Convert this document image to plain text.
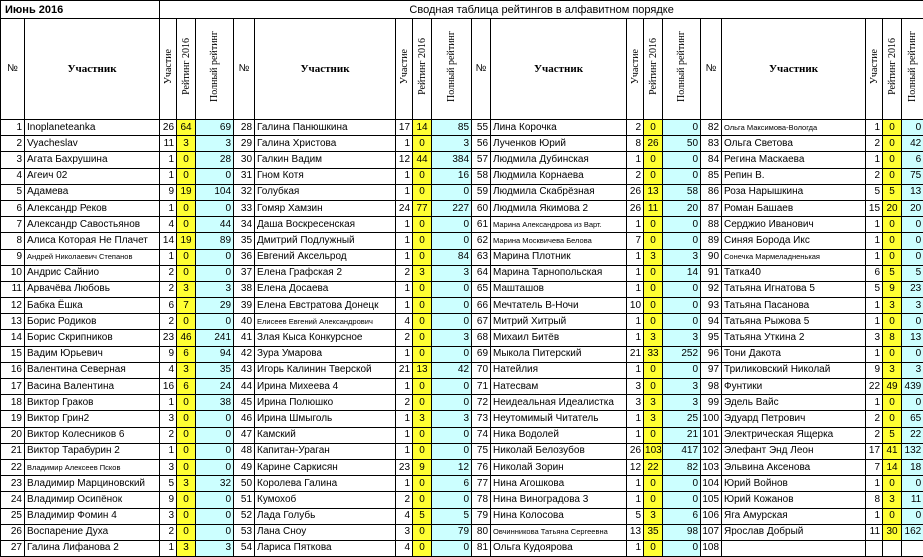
Июнь 2016		Сводная таблица рейтингов в алфавитном порядке																	
№	Участник	Участие	Рейтинг 2016	Полный рейтинг	№	Участник	Участие	Рейтинг 2016	Полный рейтинг	№	Участник	Участие	Рейтинг 2016	Полный рейтинг	№	Участник	Участие	Рейтинг 2016	Полный рейтинг
1	Inoplaneteanka	26	64	69	28	Галина Панюшкина	17	14	85	55	Лина Корочка	2	0	0	82	Ольга Максимова-Вологда	1	0	0
2	Vyacheslav	11	3	3	29	Галина Христова	1	0	3	56	Лученков Юрий	8	26	50	83	Ольга Светова	2	0	42
3	Агата Бахрушина	1	0	28	30	Галкин Вадим	12	44	384	57	Людмила Дубинская	1	0	0	84	Регина Маскаева	1	0	6
4	Агеич 02	1	0	0	31	Гном Котя	1	0	16	58	Людмила Корнаева	2	0	0	85	Репин В.	2	0	75
5	Адамева	9	19	104	32	Голубкая	1	0	0	59	Людмила Скабрёзная	26	13	58	86	Роза Нарышкина	5	5	13
6	Александр Реков	1	0	0	33	Гомяр Хамзин	24	77	227	60	Людмила Якимова 2	26	11	20	87	Роман Башаев	15	20	20
7	Александр Савостьянов	4	0	44	34	Даша Воскресенская	1	0	0	61	Марина Александрова из Варт.	1	0	0	88	Серджио Иванович	1	0	0
8	Алиса Которая Не Плачет	14	19	89	35	Дмитрий Подлужный	1	0	0	62	Марина Москвичева Белова	7	0	0	89	Синяя Борода Икс	1	0	0
9	Андрей Николаевич Степанов	1	0	0	36	Евгений Аксельрод	1	0	84	63	Марина Плотник	1	3	3	90	Сонечка Мармеладненькая	1	0	0
10	Андрис Сайнио	2	0	0	37	Елена Графская 2	2	3	3	64	Марина Тарнопольская	1	0	14	91	Татка40	6	5	5
11	Арвачёва Любовь	2	3	3	38	Елена Досаева	1	0	0	65	Машташов	1	0	0	92	Татьяна Игнатова 5	5	9	23
12	Бабка Ёшка	6	7	29	39	Елена Евстратова Донецк	1	0	0	66	Мечтатель В-Ночи	10	0	0	93	Татьяна Пасанова	1	3	3
13	Борис Родиков	2	0	0	40	Елисеев Евгений Александрович	4	0	0	67	Митрий Хитрый	1	0	0	94	Татьяна Рыжова 5	1	0	0
14	Борис Скрипников	23	46	241	41	Злая Кыса Конкурсное	2	0	3	68	Михаил Битёв	1	3	3	95	Татьяна Уткина 2	3	8	13
15	Вадим Юрьевич	9	6	94	42	Зура Умарова	1	0	0	69	Мыкола Питерский	21	33	252	96	Тони Дакота	1	0	0
16	Валентина Северная	4	3	35	43	Игорь Калинин Тверской	21	13	42	70	Натейлия	1	0	0	97	Триликовский Николай	9	3	3
17	Васина Валентина	16	6	24	44	Ирина Михеева 4	1	0	0	71	Натесвам	3	0	3	98	Фунтики	22	49	439
18	Виктор Граков	1	0	38	45	Ирина Полюшко	2	0	0	72	Неидеальная Идеалистка	3	3	3	99	Эдель Вайс	1	0	0
19	Виктор Грин2	3	0	0	46	Ирина Шмыголь	1	3	3	73	Неутомимый Читатель	1	3	25	100	Эдуард Петрович	2	0	65
20	Виктор Колесников 6	2	0	0	47	Камский	1	0	0	74	Ника Водолей	1	0	21	101	Электрическая Ящерка	2	5	22
21	Виктор Тарабурин 2	1	0	0	48	Капитан-Ураган	1	0	0	75	Николай Белозубов	26	103	417	102	Элефант Энд Леон	17	41	132
22	Владимир Алексеев Псков	3	0	0	49	Карине Саркисян	23	9	12	76	Николай Зорин	12	22	82	103	Эльвина Аксенова	7	14	18
23	Владимир Марциновский	5	3	32	50	Королева Галина	1	0	6	77	Нина Агошкова	1	0	0	104	Юрий Войнов	1	0	0
24	Владимир Осипёнок	9	0	0	51	Кумохоб	2	0	0	78	Нина Виноградова 3	1	0	0	105	Юрий Кожанов	8	3	11
25	Владимир Фомин 4	3	0	0	52	Лада Голубь	4	5	5	79	Нина Колосова	5	3	6	106	Яга Амурская	1	0	0
26	Воспарение Духа	2	0	0	53	Лана Сноу	3	0	79	80	Овчинникова Татьяна Сергеевна	13	35	98	107	Ярослав Добрый	11	30	162
27	Галина Лифанова 2	1	3	3	54	Лариса Пяткова	4	0	0	81	Ольга Кудоярова	1	0	0	108				
